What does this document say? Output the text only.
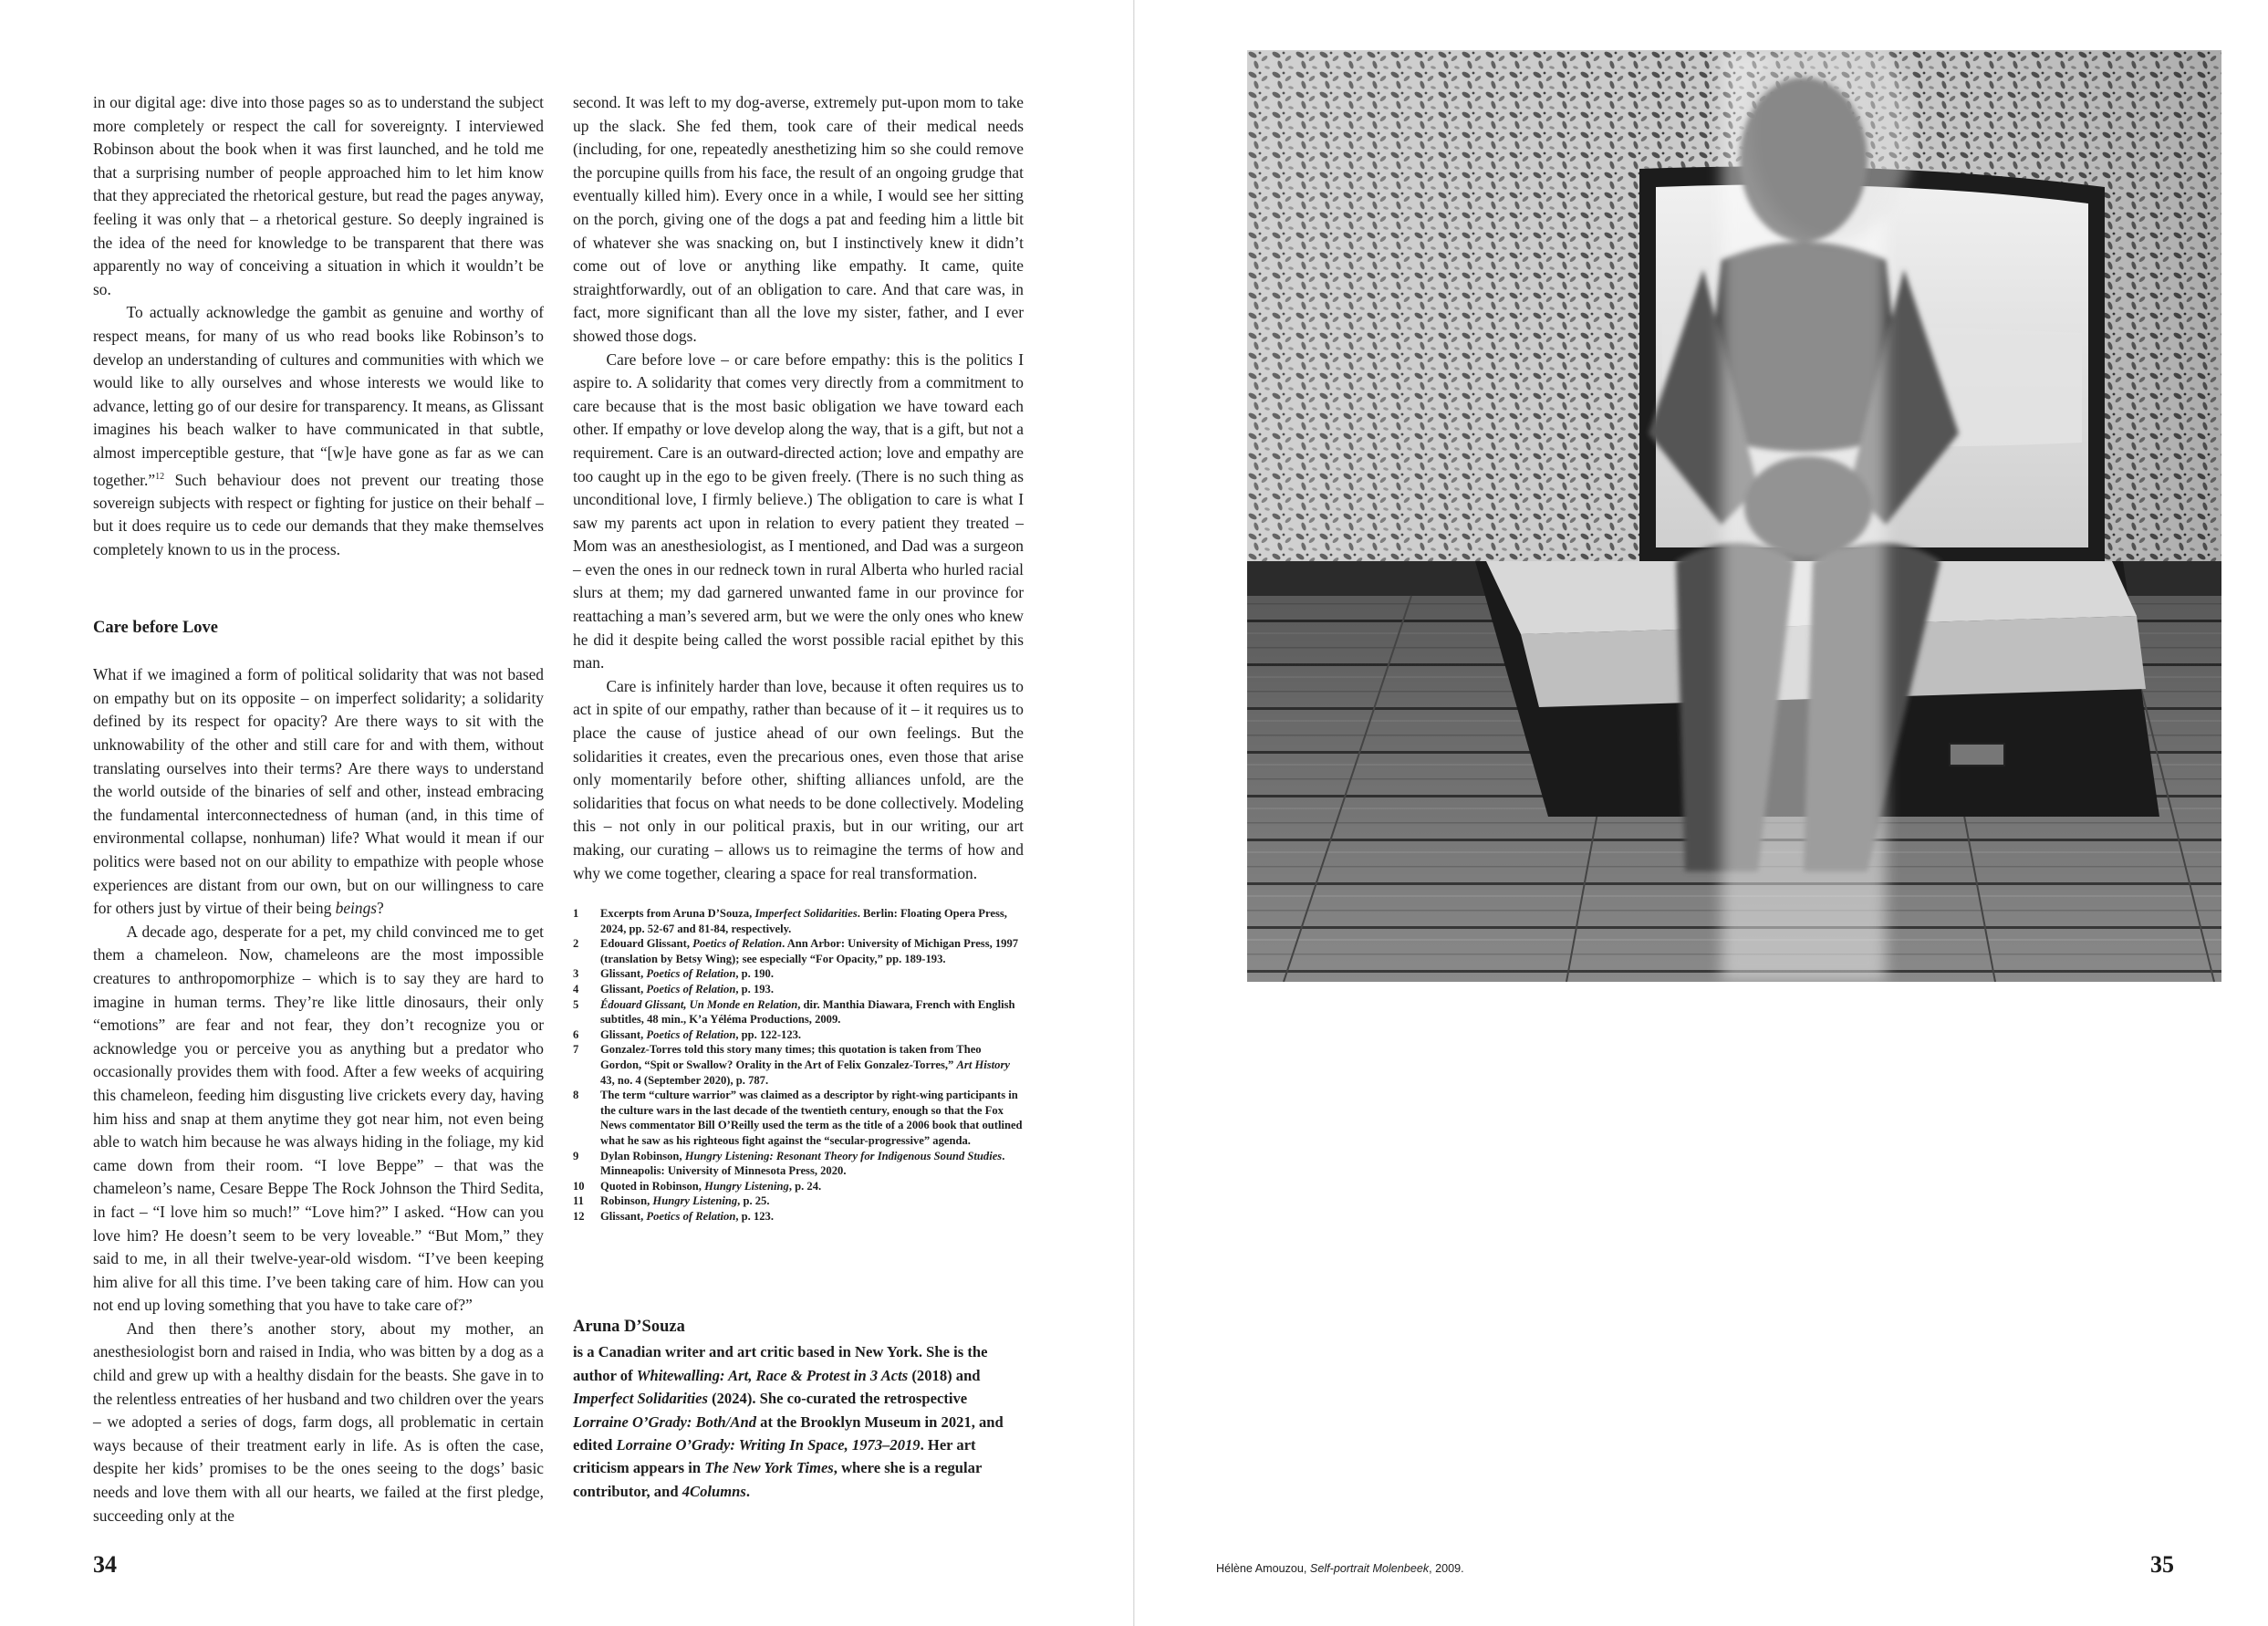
in our digital age: dive into those pages so as to understand the subject more completely or respect the call for sovereignty. I interviewed Robinson about the book when it was first launched, and he told me that a surprising number of people approached him to let him know that they appreciated the rhetorical gesture, but read the pages anyway, feeling it was only that – a rhetorical gesture. So deeply ingrained is the idea of the need for knowledge to be transparent that there was apparently no way of conceiving a situation in which it wouldn’t be so.

To actually acknowledge the gambit as genuine and worthy of respect means, for many of us who read books like Robinson’s to develop an understanding of cultures and communities with which we would like to ally ourselves and whose interests we would like to advance, letting go of our desire for transparency. It means, as Glissant imagines his beach walker to have communicated in that subtle, almost imperceptible gesture, that “[w]e have gone as far as we can together.”$^{12}$ Such behaviour does not prevent our treating those sovereign subjects with respect or fighting for justice on their behalf – but it does require us to cede our demands that they make themselves completely known to us in the process.

Care before Love

What if we imagined a form of political solidarity that was not based on empathy but on its opposite – on imperfect solidarity; a solidarity defined by its respect for opacity? Are there ways to sit with the unknowability of the other and still care for and with them, without translating ourselves into their terms? Are there ways to understand the world outside of the binaries of self and other, instead embracing the fundamental interconnectedness of human (and, in this time of environmental collapse, nonhuman) life? What would it mean if our politics were based not on our ability to empathize with people whose experiences are distant from our own, but on our willingness to care for others just by virtue of their being beings?

A decade ago, desperate for a pet, my child convinced me to get them a chameleon. Now, chameleons are the most impossible creatures to anthropomorphize – which is to say they are hard to imagine in human terms. They’re like little dinosaurs, their only “emotions” are fear and not fear, they don’t recognize you or acknowledge you or perceive you as anything but a predator who occasionally provides them with food. After a few weeks of acquiring this chameleon, feeding him disgusting live crickets every day, having him hiss and snap at them anytime they got near him, not even being able to watch him because he was always hiding in the foliage, my kid came down from their room. “I love Beppe” – that was the chameleon’s name, Cesare Beppe The Rock Johnson the Third Sedita, in fact – “I love him so much!” “Love him?” I asked. “How can you love him? He doesn’t seem to be very loveable.” “But Mom,” they said to me, in all their twelve-year-old wisdom. “I’ve been keeping him alive for all this time. I’ve been taking care of him. How can you not end up loving something that you have to take care of?”

And then there’s another story, about my mother, an anesthesiologist born and raised in India, who was bitten by a dog as a child and grew up with a healthy disdain for the beasts. She gave in to the relentless entreaties of her husband and two children over the years – we adopted a series of dogs, farm dogs, all problematic in certain ways because of their treatment early in life. As is often the case, despite her kids’ promises to be the ones seeing to the dogs’ basic needs and love them with all our hearts, we failed at the first pledge, succeeding only at the

second. It was left to my dog-averse, extremely put-upon mom to take up the slack. She fed them, took care of their medical needs (including, for one, repeatedly anesthetizing him so she could remove the porcupine quills from his face, the result of an ongoing grudge that eventually killed him). Every once in a while, I would see her sitting on the porch, giving one of the dogs a pat and feeding him a little bit of whatever she was snacking on, but I instinctively knew it didn’t come out of love or anything like empathy. It came, quite straightforwardly, out of an obligation to care. And that care was, in fact, more significant than all the love my sister, father, and I ever showed those dogs.

Care before love – or care before empathy: this is the politics I aspire to. A solidarity that comes very directly from a commitment to care because that is the most basic obligation we have toward each other. If empathy or love develop along the way, that is a gift, but not a requirement. Care is an outward-directed action; love and empathy are too caught up in the ego to be given freely. (There is no such thing as unconditional love, I firmly believe.) The obligation to care is what I saw my parents act upon in relation to every patient they treated – Mom was an anesthesiologist, as I mentioned, and Dad was a surgeon – even the ones in our redneck town in rural Alberta who hurled racial slurs at them; my dad garnered unwanted fame in our province for reattaching a man’s severed arm, but we were the only ones who knew he did it despite being called the worst possible racial epithet by this man.

Care is infinitely harder than love, because it often requires us to act in spite of our empathy, rather than because of it – it requires us to place the cause of justice ahead of our own feelings. But the solidarities it creates, even the precarious ones, even those that arise only momentarily before other, shifting alliances unfold, are the solidarities that focus on what needs to be done collectively. Modeling this – not only in our political praxis, but in our writing, our art making, our curating – allows us to reimagine the terms of how and why we come together, clearing a space for real transformation.

1	Excerpts from Aruna D’Souza, Imperfect Solidarities. Berlin: Floating Opera Press, 2024, pp. 52-67 and 81-84, respectively.
2	Edouard Glissant, Poetics of Relation. Ann Arbor: University of Michigan Press, 1997 (translation by Betsy Wing); see especially “For Opacity,” pp. 189-193.
3	Glissant, Poetics of Relation, p. 190.
4	Glissant, Poetics of Relation, p. 193.
5	Édouard Glissant, Un Monde en Relation, dir. Manthia Diawara, French with English subtitles, 48 min., K’a Yéléma Productions, 2009.
6	Glissant, Poetics of Relation, pp. 122-123.
7	Gonzalez-Torres told this story many times; this quotation is taken from Theo Gordon, “Spit or Swallow? Orality in the Art of Felix Gonzalez-Torres,” Art History 43, no. 4 (September 2020), p. 787.
8	The term “culture warrior” was claimed as a descriptor by right-wing participants in the culture wars in the last decade of the twentieth century, enough so that the Fox News commentator Bill O’Reilly used the term as the title of a 2006 book that outlined what he saw as his righteous fight against the “secular-progressive” agenda.
9	Dylan Robinson, Hungry Listening: Resonant Theory for Indigenous Sound Studies. Minneapolis: University of Minnesota Press, 2020.
10	Quoted in Robinson, Hungry Listening, p. 24.
11	Robinson, Hungry Listening, p. 25.
12	Glissant, Poetics of Relation, p. 123.
Aruna D’Souza
is a Canadian writer and art critic based in New York. She is the author of Whitewalling: Art, Race & Protest in 3 Acts (2018) and Imperfect Solidarities (2024). She co-curated the retrospective Lorraine O’Grady: Both/And at the Brooklyn Museum in 2021, and edited Lorraine O’Grady: Writing In Space, 1973–2019. Her art criticism appears in The New York Times, where she is a regular contributor, and 4Columns.
34	Hélène Amouzou, Self-portrait Molenbeek, 2009.	35
